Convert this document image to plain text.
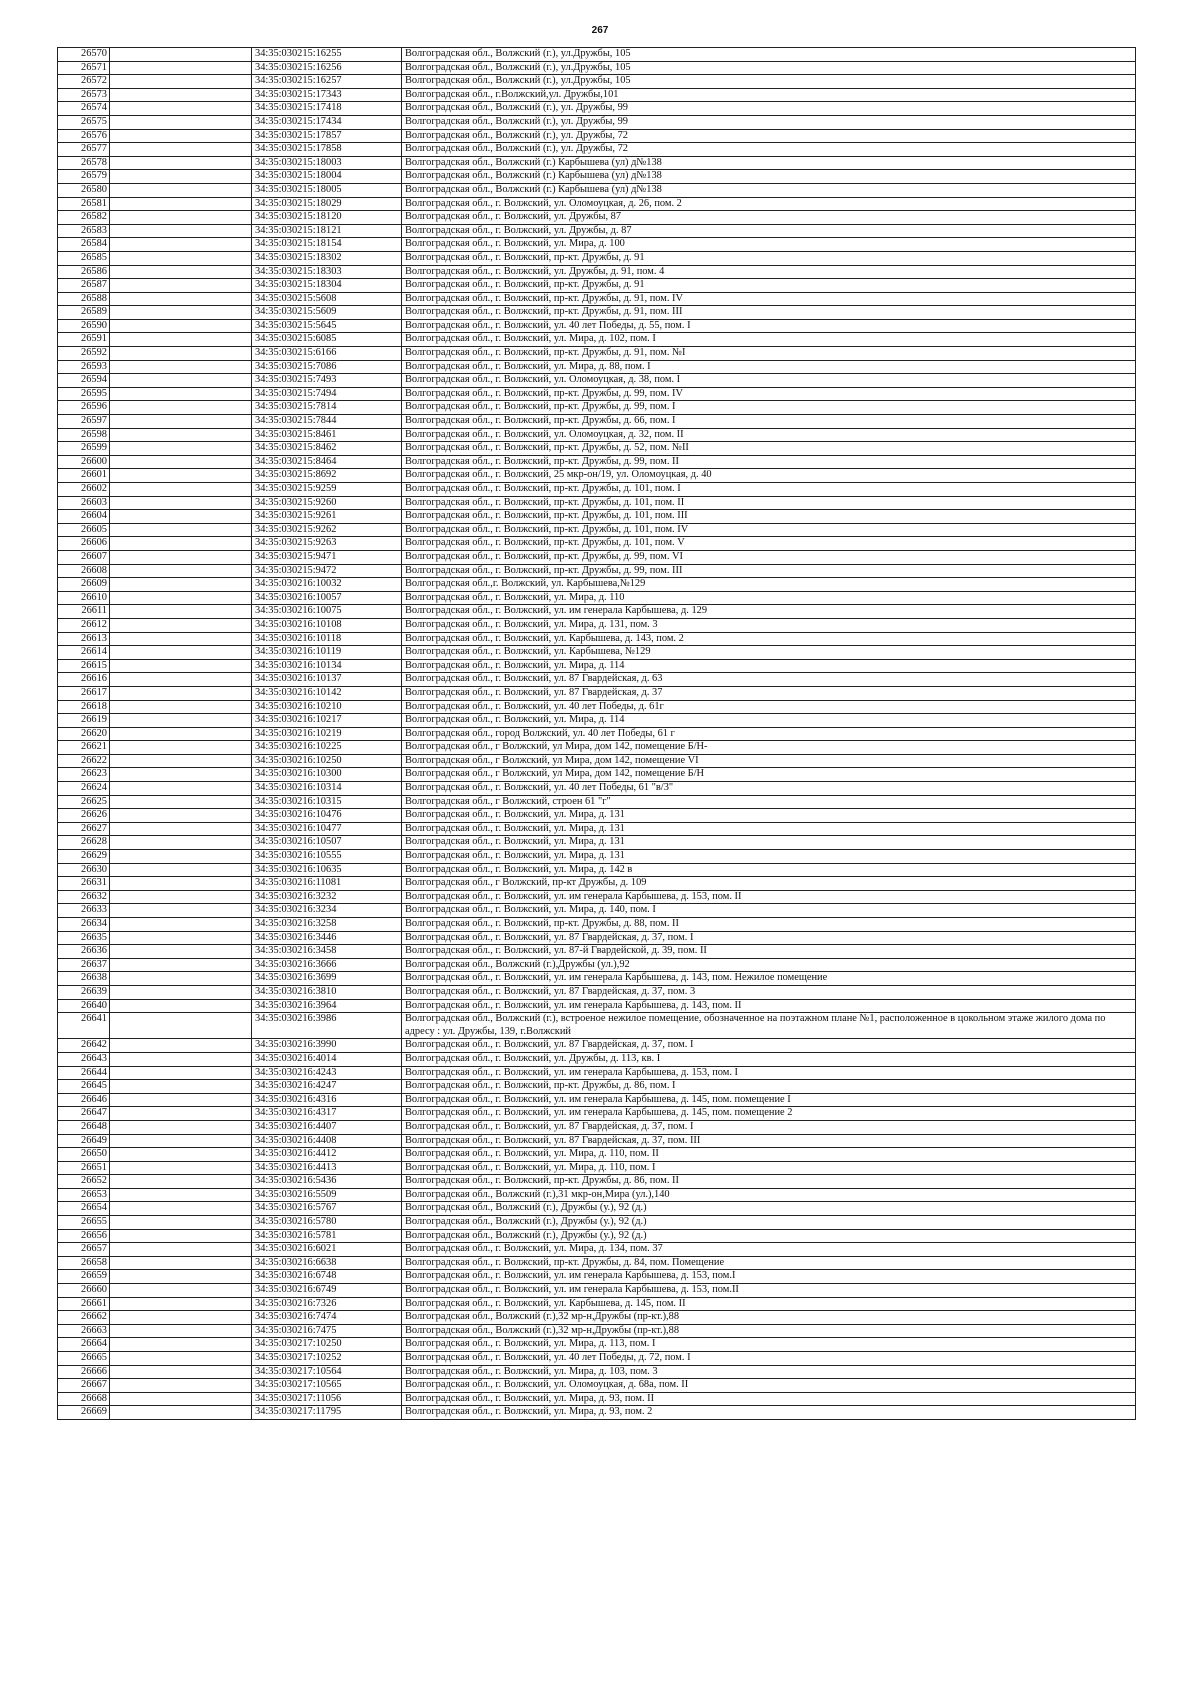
267
26570		34:35:030215:16255	Волгоградская обл., Волжский (г.), ул.Дружбы, 105
26571		34:35:030215:16256	Волгоградская обл., Волжский (г.), ул.Дружбы, 105
26572		34:35:030215:16257	Волгоградская обл., Волжский (г.), ул.Дружбы, 105
26573		34:35:030215:17343	Волгоградская обл., г.Волжский,ул. Дружбы,101
26574		34:35:030215:17418	Волгоградская обл., Волжский (г.), ул. Дружбы, 99
26575		34:35:030215:17434	Волгоградская обл., Волжский (г.), ул. Дружбы, 99
26576		34:35:030215:17857	Волгоградская обл., Волжский (г.), ул. Дружбы, 72
26577		34:35:030215:17858	Волгоградская обл., Волжский (г.), ул. Дружбы, 72
26578		34:35:030215:18003	Волгоградская обл., Волжский (г.) Карбышева (ул) д№138
26579		34:35:030215:18004	Волгоградская обл., Волжский (г.) Карбышева (ул) д№138
26580		34:35:030215:18005	Волгоградская обл., Волжский (г.) Карбышева (ул) д№138
26581		34:35:030215:18029	Волгоградская обл., г. Волжский, ул. Оломоуцкая, д. 26, пом. 2
26582		34:35:030215:18120	Волгоградская обл., г. Волжский, ул. Дружбы, 87
26583		34:35:030215:18121	Волгоградская обл., г. Волжский, ул. Дружбы, д. 87
26584		34:35:030215:18154	Волгоградская обл., г. Волжский, ул. Мира, д. 100
26585		34:35:030215:18302	Волгоградская обл., г. Волжский, пр-кт. Дружбы, д. 91
26586		34:35:030215:18303	Волгоградская обл., г. Волжский, ул. Дружбы, д. 91, пом. 4
26587		34:35:030215:18304	Волгоградская обл., г. Волжский, пр-кт. Дружбы, д. 91
26588		34:35:030215:5608	Волгоградская обл., г. Волжский, пр-кт. Дружбы, д. 91, пом. IV
26589		34:35:030215:5609	Волгоградская обл., г. Волжский, пр-кт. Дружбы, д. 91, пом. III
26590		34:35:030215:5645	Волгоградская обл., г. Волжский, ул. 40 лет Победы, д. 55, пом. I
26591		34:35:030215:6085	Волгоградская обл., г. Волжский, ул. Мира, д. 102, пом. I
26592		34:35:030215:6166	Волгоградская обл., г. Волжский, пр-кт. Дружбы, д. 91, пом. №I
26593		34:35:030215:7086	Волгоградская обл., г. Волжский, ул. Мира, д. 88, пом. I
26594		34:35:030215:7493	Волгоградская обл., г. Волжский, ул. Оломоуцкая, д. 38, пом. I
26595		34:35:030215:7494	Волгоградская обл., г. Волжский, пр-кт. Дружбы, д. 99, пом. IV
26596		34:35:030215:7814	Волгоградская обл., г. Волжский, пр-кт. Дружбы, д. 99, пом. I
26597		34:35:030215:7844	Волгоградская обл., г. Волжский, пр-кт. Дружбы, д. 66, пом. I
26598		34:35:030215:8461	Волгоградская обл., г. Волжский, ул. Оломоуцкая, д. 32, пом. II
26599		34:35:030215:8462	Волгоградская обл., г. Волжский, пр-кт. Дружбы, д. 52, пом. №II
26600		34:35:030215:8464	Волгоградская обл., г. Волжский, пр-кт. Дружбы, д. 99, пом. II
26601		34:35:030215:8692	Волгоградская обл., г. Волжский, 25 мкр-он/19, ул. Оломоуцкая, д. 40
26602		34:35:030215:9259	Волгоградская обл., г. Волжский, пр-кт. Дружбы, д. 101, пом. I
26603		34:35:030215:9260	Волгоградская обл., г. Волжский, пр-кт. Дружбы, д. 101, пом. II
26604		34:35:030215:9261	Волгоградская обл., г. Волжский, пр-кт. Дружбы, д. 101, пом. III
26605		34:35:030215:9262	Волгоградская обл., г. Волжский, пр-кт. Дружбы, д. 101, пом. IV
26606		34:35:030215:9263	Волгоградская обл., г. Волжский, пр-кт. Дружбы, д. 101, пом. V
26607		34:35:030215:9471	Волгоградская обл., г. Волжский, пр-кт. Дружбы, д. 99, пом. VI
26608		34:35:030215:9472	Волгоградская обл., г. Волжский, пр-кт. Дружбы, д. 99, пом. III
26609		34:35:030216:10032	Волгоградская обл.,г. Волжский, ул. Карбышева,№129
26610		34:35:030216:10057	Волгоградская обл., г. Волжский, ул. Мира, д. 110
26611		34:35:030216:10075	Волгоградская обл., г. Волжский, ул. им генерала Карбышева, д. 129
26612		34:35:030216:10108	Волгоградская обл., г. Волжский, ул. Мира, д. 131, пом. 3
26613		34:35:030216:10118	Волгоградская обл., г. Волжский, ул. Карбышева, д. 143, пом. 2
26614		34:35:030216:10119	Волгоградская обл., г. Волжский, ул. Карбышева, №129
26615		34:35:030216:10134	Волгоградская обл., г. Волжский, ул. Мира, д. 114
26616		34:35:030216:10137	Волгоградская обл., г. Волжский, ул. 87 Гвардейская, д. 63
26617		34:35:030216:10142	Волгоградская обл., г. Волжский, ул. 87 Гвардейская, д. 37
26618		34:35:030216:10210	Волгоградская обл., г. Волжский, ул. 40 лет Победы, д. 61г
26619		34:35:030216:10217	Волгоградская обл., г. Волжский, ул. Мира, д. 114
26620		34:35:030216:10219	Волгоградская обл., город Волжский, ул. 40 лет Победы, 61 г
26621		34:35:030216:10225	Волгоградская обл., г Волжский, ул Мира, дом 142, помещение Б/Н-
26622		34:35:030216:10250	Волгоградская обл., г Волжский, ул Мира, дом 142, помещение VI
26623		34:35:030216:10300	Волгоградская обл., г Волжский, ул Мира, дом 142, помещение Б/Н
26624		34:35:030216:10314	Волгоградская обл., г. Волжский, ул. 40 лет Победы, 61 "в/3"
26625		34:35:030216:10315	Волгоградская обл., г Волжский, строен 61 "г"
26626		34:35:030216:10476	Волгоградская обл., г. Волжский, ул. Мира, д. 131
26627		34:35:030216:10477	Волгоградская обл., г. Волжский, ул. Мира, д. 131
26628		34:35:030216:10507	Волгоградская обл., г. Волжский, ул. Мира, д. 131
26629		34:35:030216:10555	Волгоградская обл., г. Волжский, ул. Мира, д. 131
26630		34:35:030216:10635	Волгоградская обл., г. Волжский, ул. Мира, д. 142 в
26631		34:35:030216:11081	Волгоградская обл., г Волжский, пр-кт Дружбы, д. 109
26632		34:35:030216:3232	Волгоградская обл., г. Волжский, ул. им генерала Карбышева, д. 153, пом. II
26633		34:35:030216:3234	Волгоградская обл., г. Волжский, ул. Мира, д. 140, пом. I
26634		34:35:030216:3258	Волгоградская обл., г. Волжский, пр-кт. Дружбы, д. 88, пом. II
26635		34:35:030216:3446	Волгоградская обл., г. Волжский, ул. 87 Гвардейская, д. 37, пом. I
26636		34:35:030216:3458	Волгоградская обл., г. Волжский, ул. 87-й Гвардейской, д. 39, пом. II
26637		34:35:030216:3666	Волгоградская обл., Волжский (г.),Дружбы (ул.),92
26638		34:35:030216:3699	Волгоградская обл., г. Волжский, ул. им генерала Карбышева, д. 143, пом. Нежилое помещение
26639		34:35:030216:3810	Волгоградская обл., г. Волжский, ул. 87 Гвардейская, д. 37, пом. 3
26640		34:35:030216:3964	Волгоградская обл., г. Волжский, ул. им генерала Карбышева, д. 143, пом. II
26641		34:35:030216:3986	Волгоградская обл., Волжский (г.), встроеное нежилое помещение, обозначенное на поэтажном плане №1, расположенное в цокольном этаже жилого дома по адресу : ул. Дружбы, 139, г.Волжский
26642		34:35:030216:3990	Волгоградская обл., г. Волжский, ул. 87 Гвардейская, д. 37, пом. I
26643		34:35:030216:4014	Волгоградская обл., г. Волжский, ул. Дружбы, д. 113, кв. I
26644		34:35:030216:4243	Волгоградская обл., г. Волжский, ул. им генерала Карбышева, д. 153, пом. I
26645		34:35:030216:4247	Волгоградская обл., г. Волжский, пр-кт. Дружбы, д. 86, пом. I
26646		34:35:030216:4316	Волгоградская обл., г. Волжский, ул. им генерала Карбышева, д. 145, пом. помещение I
26647		34:35:030216:4317	Волгоградская обл., г. Волжский, ул. им генерала Карбышева, д. 145, пом. помещение 2
26648		34:35:030216:4407	Волгоградская обл., г. Волжский, ул. 87 Гвардейская, д. 37, пом. I
26649		34:35:030216:4408	Волгоградская обл., г. Волжский, ул. 87 Гвардейская, д. 37, пом. III
26650		34:35:030216:4412	Волгоградская обл., г. Волжский, ул. Мира, д. 110, пом. II
26651		34:35:030216:4413	Волгоградская обл., г. Волжский, ул. Мира, д. 110, пом. I
26652		34:35:030216:5436	Волгоградская обл., г. Волжский, пр-кт. Дружбы, д. 86, пом. II
26653		34:35:030216:5509	Волгоградская обл., Волжский (г.),31 мкр-он,Мира (ул.),140
26654		34:35:030216:5767	Волгоградская обл., Волжский (г.), Дружбы (у.), 92 (д.)
26655		34:35:030216:5780	Волгоградская обл., Волжский (г.), Дружбы (у.), 92 (д.)
26656		34:35:030216:5781	Волгоградская обл., Волжский (г.), Дружбы (у.), 92 (д.)
26657		34:35:030216:6021	Волгоградская обл., г. Волжский, ул. Мира, д. 134, пом. 37
26658		34:35:030216:6638	Волгоградская обл., г. Волжский, пр-кт. Дружбы, д. 84, пом. Помещение
26659		34:35:030216:6748	Волгоградская обл., г. Волжский, ул. им генерала Карбышева, д. 153, пом.I
26660		34:35:030216:6749	Волгоградская обл., г. Волжский, ул. им генерала Карбышева, д. 153, пом.II
26661		34:35:030216:7326	Волгоградская обл., г. Волжский, ул. Карбышева, д. 145, пом. II
26662		34:35:030216:7474	Волгоградская обл., Волжский (г.),32 мр-н,Дружбы (пр-кт.),88
26663		34:35:030216:7475	Волгоградская обл., Волжский (г.),32 мр-н,Дружбы (пр-кт.),88
26664		34:35:030217:10250	Волгоградская обл., г. Волжский, ул. Мира, д. 113, пом. I
26665		34:35:030217:10252	Волгоградская обл., г. Волжский, ул. 40 лет Победы, д. 72, пом. I
26666		34:35:030217:10564	Волгоградская обл., г. Волжский, ул. Мира, д. 103, пом. 3
26667		34:35:030217:10565	Волгоградская обл., г. Волжский, ул. Оломоуцкая, д. 68а, пом. II
26668		34:35:030217:11056	Волгоградская обл., г. Волжский, ул. Мира, д. 93, пом. II
26669		34:35:030217:11795	Волгоградская обл., г. Волжский, ул. Мира, д. 93, пом. 2
